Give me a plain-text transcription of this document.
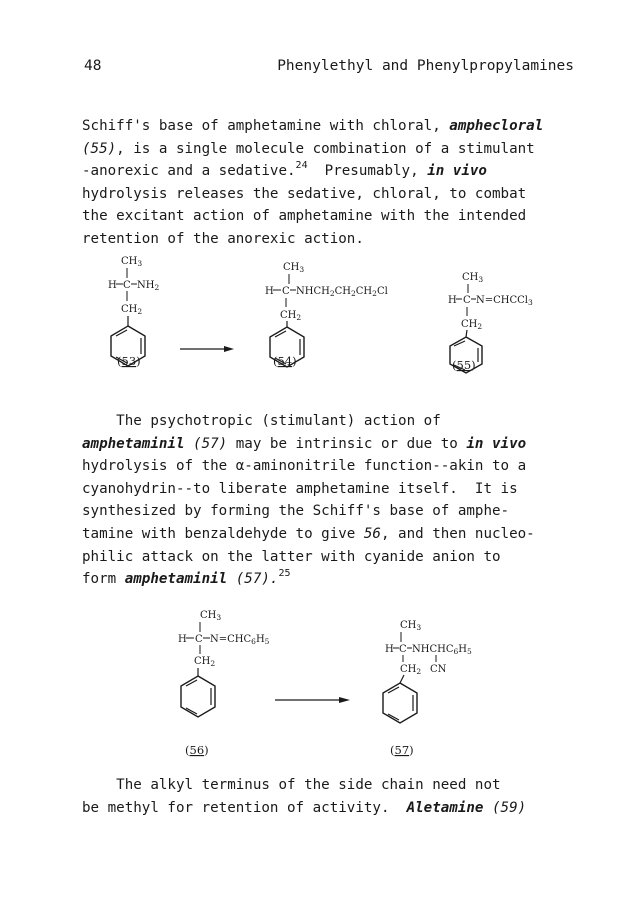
48	Phenylethyl and Phenylpropylamines
Schiff's base of amphetamine with chloral, amphecloral
(55), is a single molecule combination of a stimulant
-anorexic and a sedative.$^{24}$  Presumably, in vivo
hydrolysis releases the sedative, chloral, to combat
the excitant action of amphetamine with the intended
retention of the anorexic action.
$CH_3$
H C $NH_2$
$CH_2$
(53)
$CH_3$
H C $NHCH_2CH_2CH_2Cl$
$CH_2$
(54)
$CH_3$
H C N=CHCCl$_3$
$CH_2$
(55)
The psychotropic (stimulant) action of
amphetaminil (57) may be intrinsic or due to in vivo
hydrolysis of the α-aminonitrile function--akin to a
cyanohydrin--to liberate amphetamine itself.  It is
synthesized by forming the Schiff's base of amphe-
tamine with benzaldehyde to give 56, and then nucleo-
philic attack on the latter with cyanide anion to
form amphetaminil (57).$^{25}$
$CH_3$
H C $N=CHC_6H_5$
$CH_2$
(56)
$CH_3$
H C $NHCHC_6H_5$
$CH_2$ CN
(57)
The alkyl terminus of the side chain need not
be methyl for retention of activity.  Aletamine (59)
